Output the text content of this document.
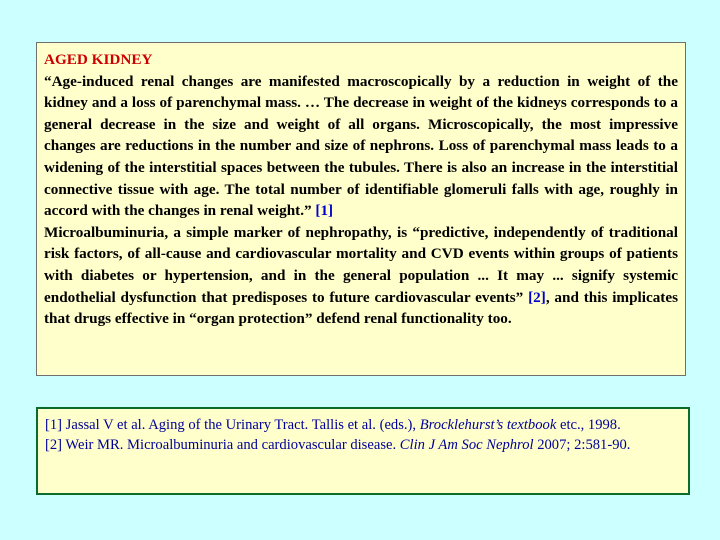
AGED KIDNEY

“Age-induced renal changes are manifested macroscopically by a reduction in weight of the kidney and a loss of parenchymal mass. … The decrease in weight of the kidneys corresponds to a general decrease in the size and weight of all organs. Microscopically, the most impressive changes are reductions in the number and size of nephrons. Loss of parenchymal mass leads to a widening of the interstitial spaces between the tubules. There is also an increase in the interstitial connective tissue with age. The total number of identifiable glomeruli falls with age, roughly in accord with the changes in renal weight.” [1]

Microalbuminuria, a simple marker of nephropathy, is “predictive, independently of traditional risk factors, of all-cause and cardiovascular mortality and CVD events within groups of patients with diabetes or hypertension, and in the general population ... It may ... signify systemic endothelial dysfunction that predisposes to future cardiovascular events” [2], and this implicates that drugs effective in “organ protection” defend renal functionality too.

[1] Jassal V et al. Aging of the Urinary Tract. Tallis et al. (eds.), Brocklehurst’s textbook etc., 1998.

[2] Weir MR. Microalbuminuria and cardiovascular disease. Clin J Am Soc Nephrol 2007; 2:581-90.
